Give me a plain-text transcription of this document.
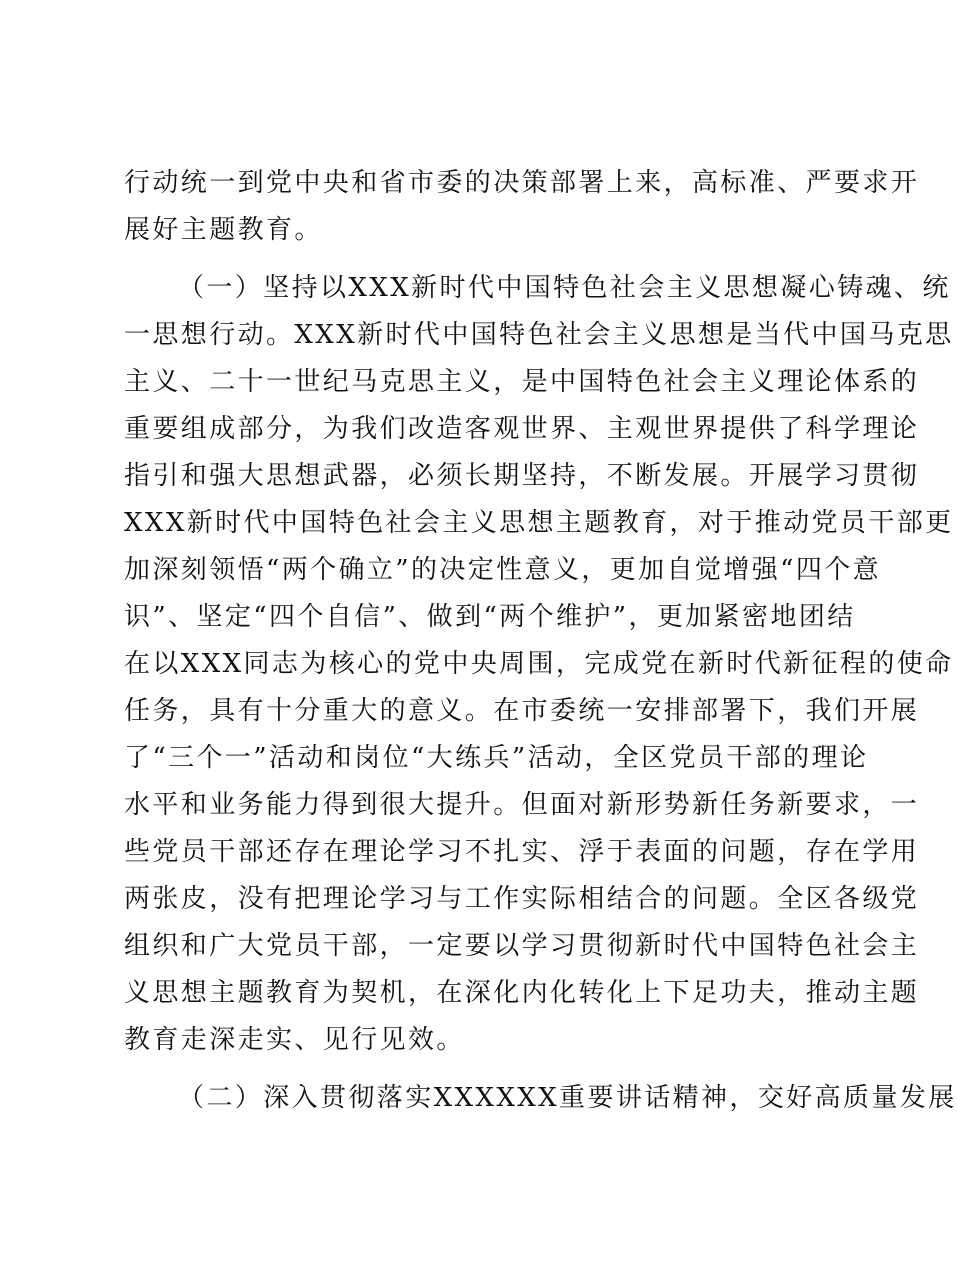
行动统一到党中央和省市委的决策部署上来，高标准、严要求开
展好主题教育。
（一）坚持以XXX新时代中国特色社会主义思想凝心铸魂、统
一思想行动。XXX新时代中国特色社会主义思想是当代中国马克思
主义、二十一世纪马克思主义，是中国特色社会主义理论体系的
重要组成部分，为我们改造客观世界、主观世界提供了科学理论
指引和强大思想武器，必须长期坚持，不断发展。开展学习贯彻
XXX新时代中国特色社会主义思想主题教育，对于推动党员干部更
加深刻领悟“两个确立”的决定性意义，更加自觉增强“四个意
识”、坚定“四个自信”、做到“两个维护”，更加紧密地团结
在以XXX同志为核心的党中央周围，完成党在新时代新征程的使命
任务，具有十分重大的意义。在市委统一安排部署下，我们开展
了“三个一”活动和岗位“大练兵”活动，全区党员干部的理论
水平和业务能力得到很大提升。但面对新形势新任务新要求，一
些党员干部还存在理论学习不扎实、浮于表面的问题，存在学用
两张皮，没有把理论学习与工作实际相结合的问题。全区各级党
组织和广大党员干部，一定要以学习贯彻新时代中国特色社会主
义思想主题教育为契机，在深化内化转化上下足功夫，推动主题
教育走深走实、见行见效。
（二）深入贯彻落实XXXXXX重要讲话精神，交好高质量发展
